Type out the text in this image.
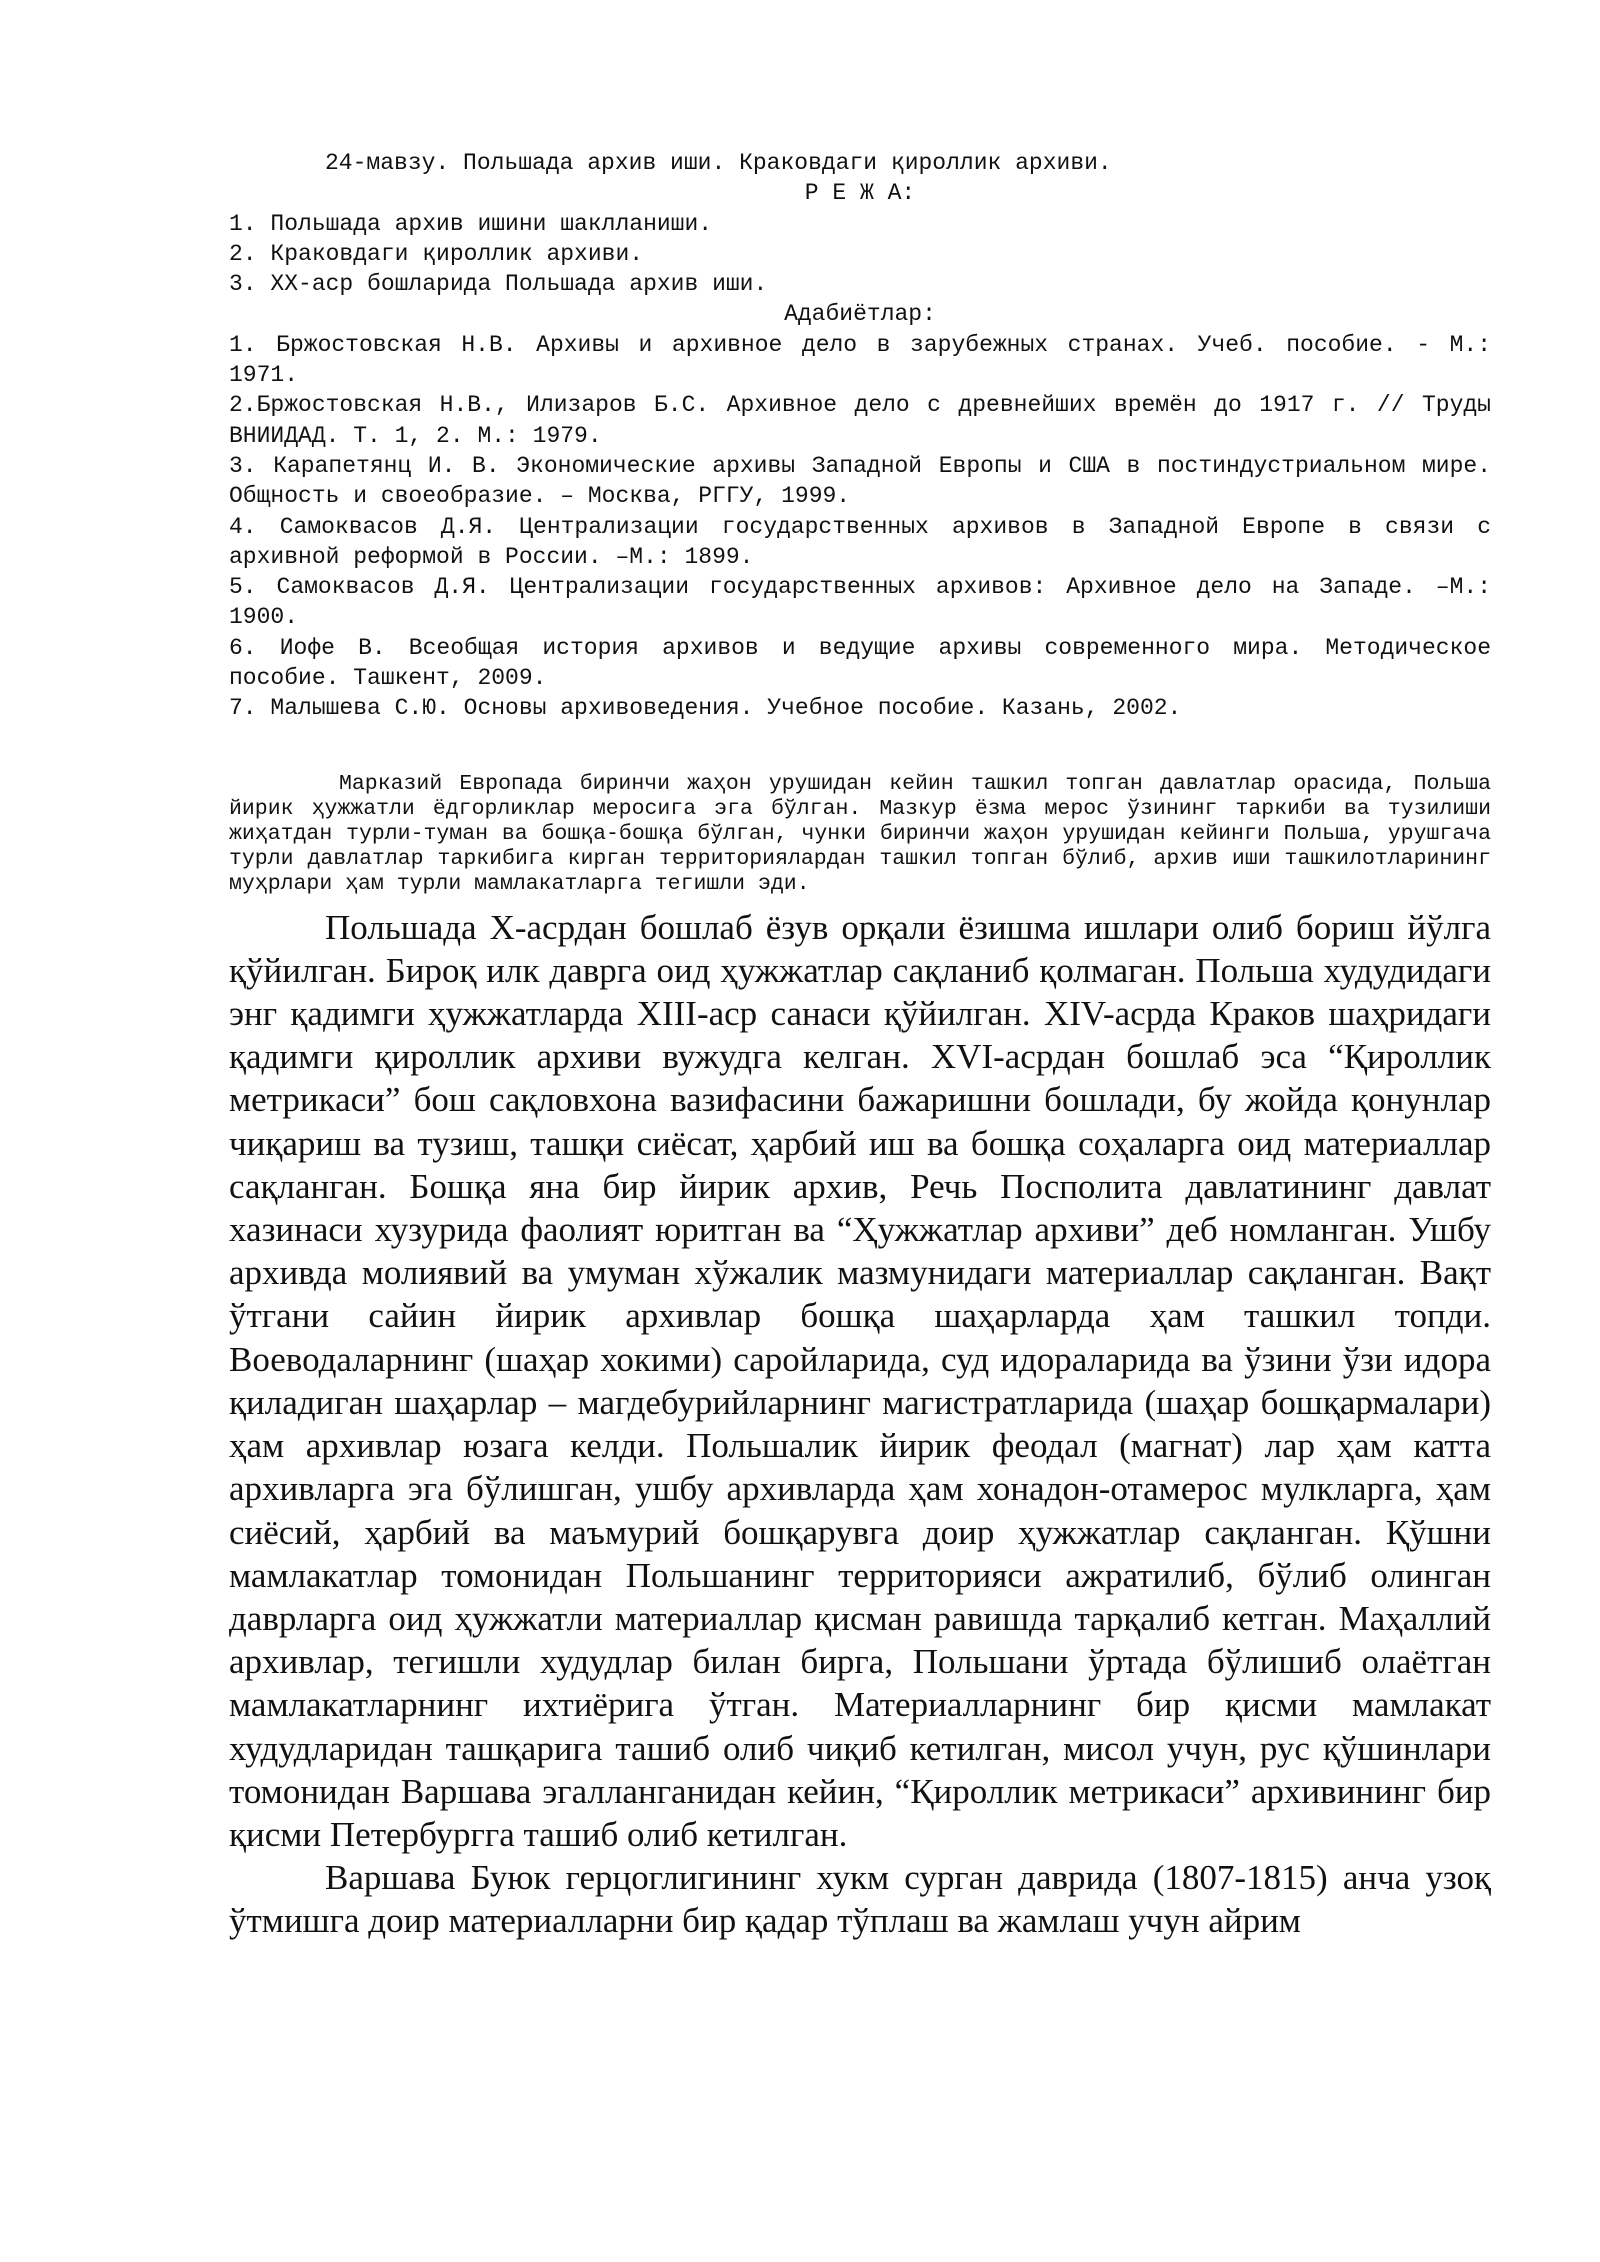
24-мавзу. Польшада архив иши. Краковдаги қироллик архиви.

Р Е Ж А:

1. Польшада архив ишини шаклланиши.
2. Краковдаги қироллик архиви.
3. ХХ-аср бошларида Польшада архив иши.

Адабиётлар:

1. Бржостовская Н.В. Архивы и архивное дело в зарубежных странах. Учеб. пособие. - М.: 1971.
2.Бржостовская Н.В., Илизаров Б.С. Архивное дело с древнейших времён до 1917 г. // Труды ВНИИДАД. Т. 1, 2. М.: 1979.
3. Карапетянц И. В. Экономические архивы Западной Европы и США в постиндустриальном мире. Общность и своеобразие. – Москва, РГГУ, 1999.
4. Самоквасов Д.Я. Централизации государственных архивов в Западной Европе в связи с архивной реформой в России. –М.: 1899.
5. Самоквасов Д.Я. Централизации государственных архивов: Архивное дело на Западе. –М.: 1900.
6. Иофе В. Всеобщая история архивов и ведущие архивы современного мира. Методическое пособие. Ташкент, 2009.
7. Малышева С.Ю. Основы архивоведения. Учебное пособие. Казань, 2002.

Марказий Европада биринчи жаҳон урушидан кейин ташкил топган давлатлар орасида, Польша йирик ҳужжатли ёдгорликлар меросига эга бўлган. Мазкур ёзма мерос ўзининг таркиби ва тузилиши жиҳатдан турли-туман ва бошқа-бошқа бўлган, чунки биринчи жаҳон урушидан кейинги Польша, урушгача турли давлатлар таркибига кирган территориялардан ташкил топган бўлиб, архив иши ташкилотларининг муҳрлари ҳам турли мамлакатларга тегишли эди.

Польшада X-асрдан бошлаб ёзув орқали ёзишма ишлари олиб бориш йўлга қўйилган. Бироқ илк даврга оид ҳужжатлар сақланиб қолмаган. Польша худудидаги энг қадимги ҳужжатларда XIII-аср санаси қўйилган. XIV-асрда Краков шаҳридаги қадимги қироллик архиви вужудга келган. XVI-асрдан бошлаб эса “Қироллик метрикаси” бош сақловхона вазифасини бажаришни бошлади, бу жойда қонунлар чиқариш ва тузиш, ташқи сиёсат, ҳарбий иш ва бошқа соҳаларга оид материаллар сақланган. Бошқа яна бир йирик архив, Речь Посполита давлатининг давлат хазинаси хузурида фаолият юритган ва “Ҳужжатлар архиви” деб номланган. Ушбу архивда молиявий ва умуман хўжалик мазмунидаги материаллар сақланган. Вақт ўтгани сайин йирик архивлар бошқа шаҳарларда ҳам ташкил топди. Воеводаларнинг (шаҳар хокими) саройларида, суд идораларида ва ўзини ўзи идора қиладиган шаҳарлар – магдебурийларнинг магистратларида (шаҳар бошқармалари) ҳам архивлар юзага келди. Польшалик йирик феодал (магнат) лар ҳам катта архивларга эга бўлишган, ушбу архивларда ҳам хонадон-отамерос мулкларга, ҳам сиёсий, ҳарбий ва маъмурий бошқарувга доир ҳужжатлар сақланган. Қўшни мамлакатлар томонидан Польшанинг территорияси ажратилиб, бўлиб олинган даврларга оид ҳужжатли материаллар қисман равишда тарқалиб кетган. Маҳаллий архивлар, тегишли худудлар билан бирга, Польшани ўртада бўлишиб олаётган мамлакатларнинг ихтиёрига ўтган. Материалларнинг бир қисми мамлакат худудларидан ташқарига ташиб олиб чиқиб кетилган, мисол учун, рус қўшинлари томонидан Варшава эгалланганидан кейин, “Қироллик метрикаси” архивининг бир қисми Петербургга ташиб олиб кетилган.

Варшава Буюк герцоглигининг хукм сурган даврида (1807-1815) анча узоқ ўтмишга доир материалларни бир қадар тўплаш ва жамлаш учун айрим
